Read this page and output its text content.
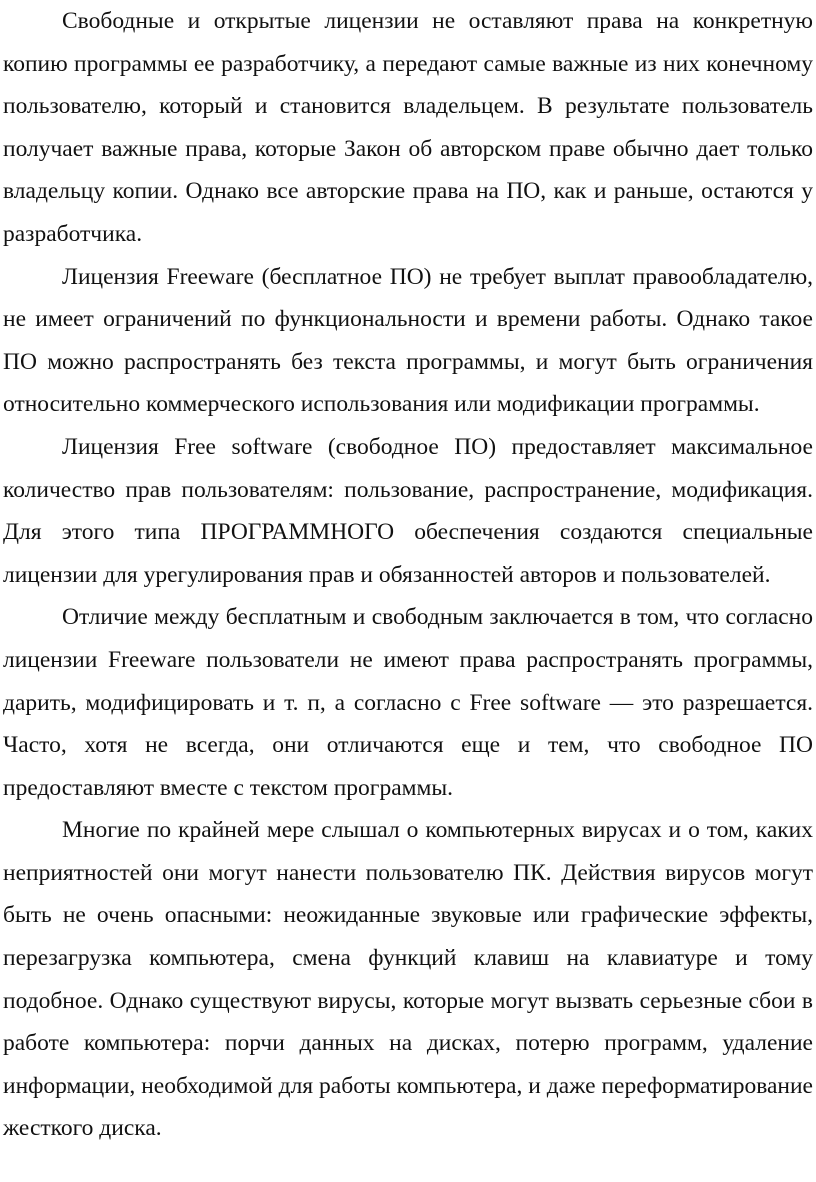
Свободные и открытые лицензии не оставляют права на конкретную копию программы ее разработчику, а передают самые важные из них конечному пользователю, который и становится владельцем. В результате пользователь получает важные права, которые Закон об авторском праве обычно дает только владельцу копии. Однако все авторские права на ПО, как и раньше, остаются у разработчика.

Лицензия Freeware (бесплатное ПО) не требует выплат правообладателю, не имеет ограничений по функциональности и времени работы. Однако такое ПО можно распространять без текста программы, и могут быть ограничения относительно коммерческого использования или модификации программы.

Лицензия Free software (свободное ПО) предоставляет максимальное количество прав пользователям: пользование, распространение, модификация. Для этого типа ПРОГРАММНОГО обеспечения создаются специальные лицензии для урегулирования прав и обязанностей авторов и пользователей.

Отличие между бесплатным и свободным заключается в том, что согласно лицензии Freeware пользователи не имеют права распространять программы, дарить, модифицировать и т. п, а согласно с Free software — это разрешается. Часто, хотя не всегда, они отличаются еще и тем, что свободное ПО предоставляют вместе с текстом программы.

Многие по крайней мере слышал о компьютерных вирусах и о том, каких неприятностей они могут нанести пользователю ПК. Действия вирусов могут быть не очень опасными: неожиданные звуковые или графические эффекты, перезагрузка компьютера, смена функций клавиш на клавиатуре и тому подобное. Однако существуют вирусы, которые могут вызвать серьезные сбои в работе компьютера: порчи данных на дисках, потерю программ, удаление информации, необходимой для работы компьютера, и даже переформатирование жесткого диска.
